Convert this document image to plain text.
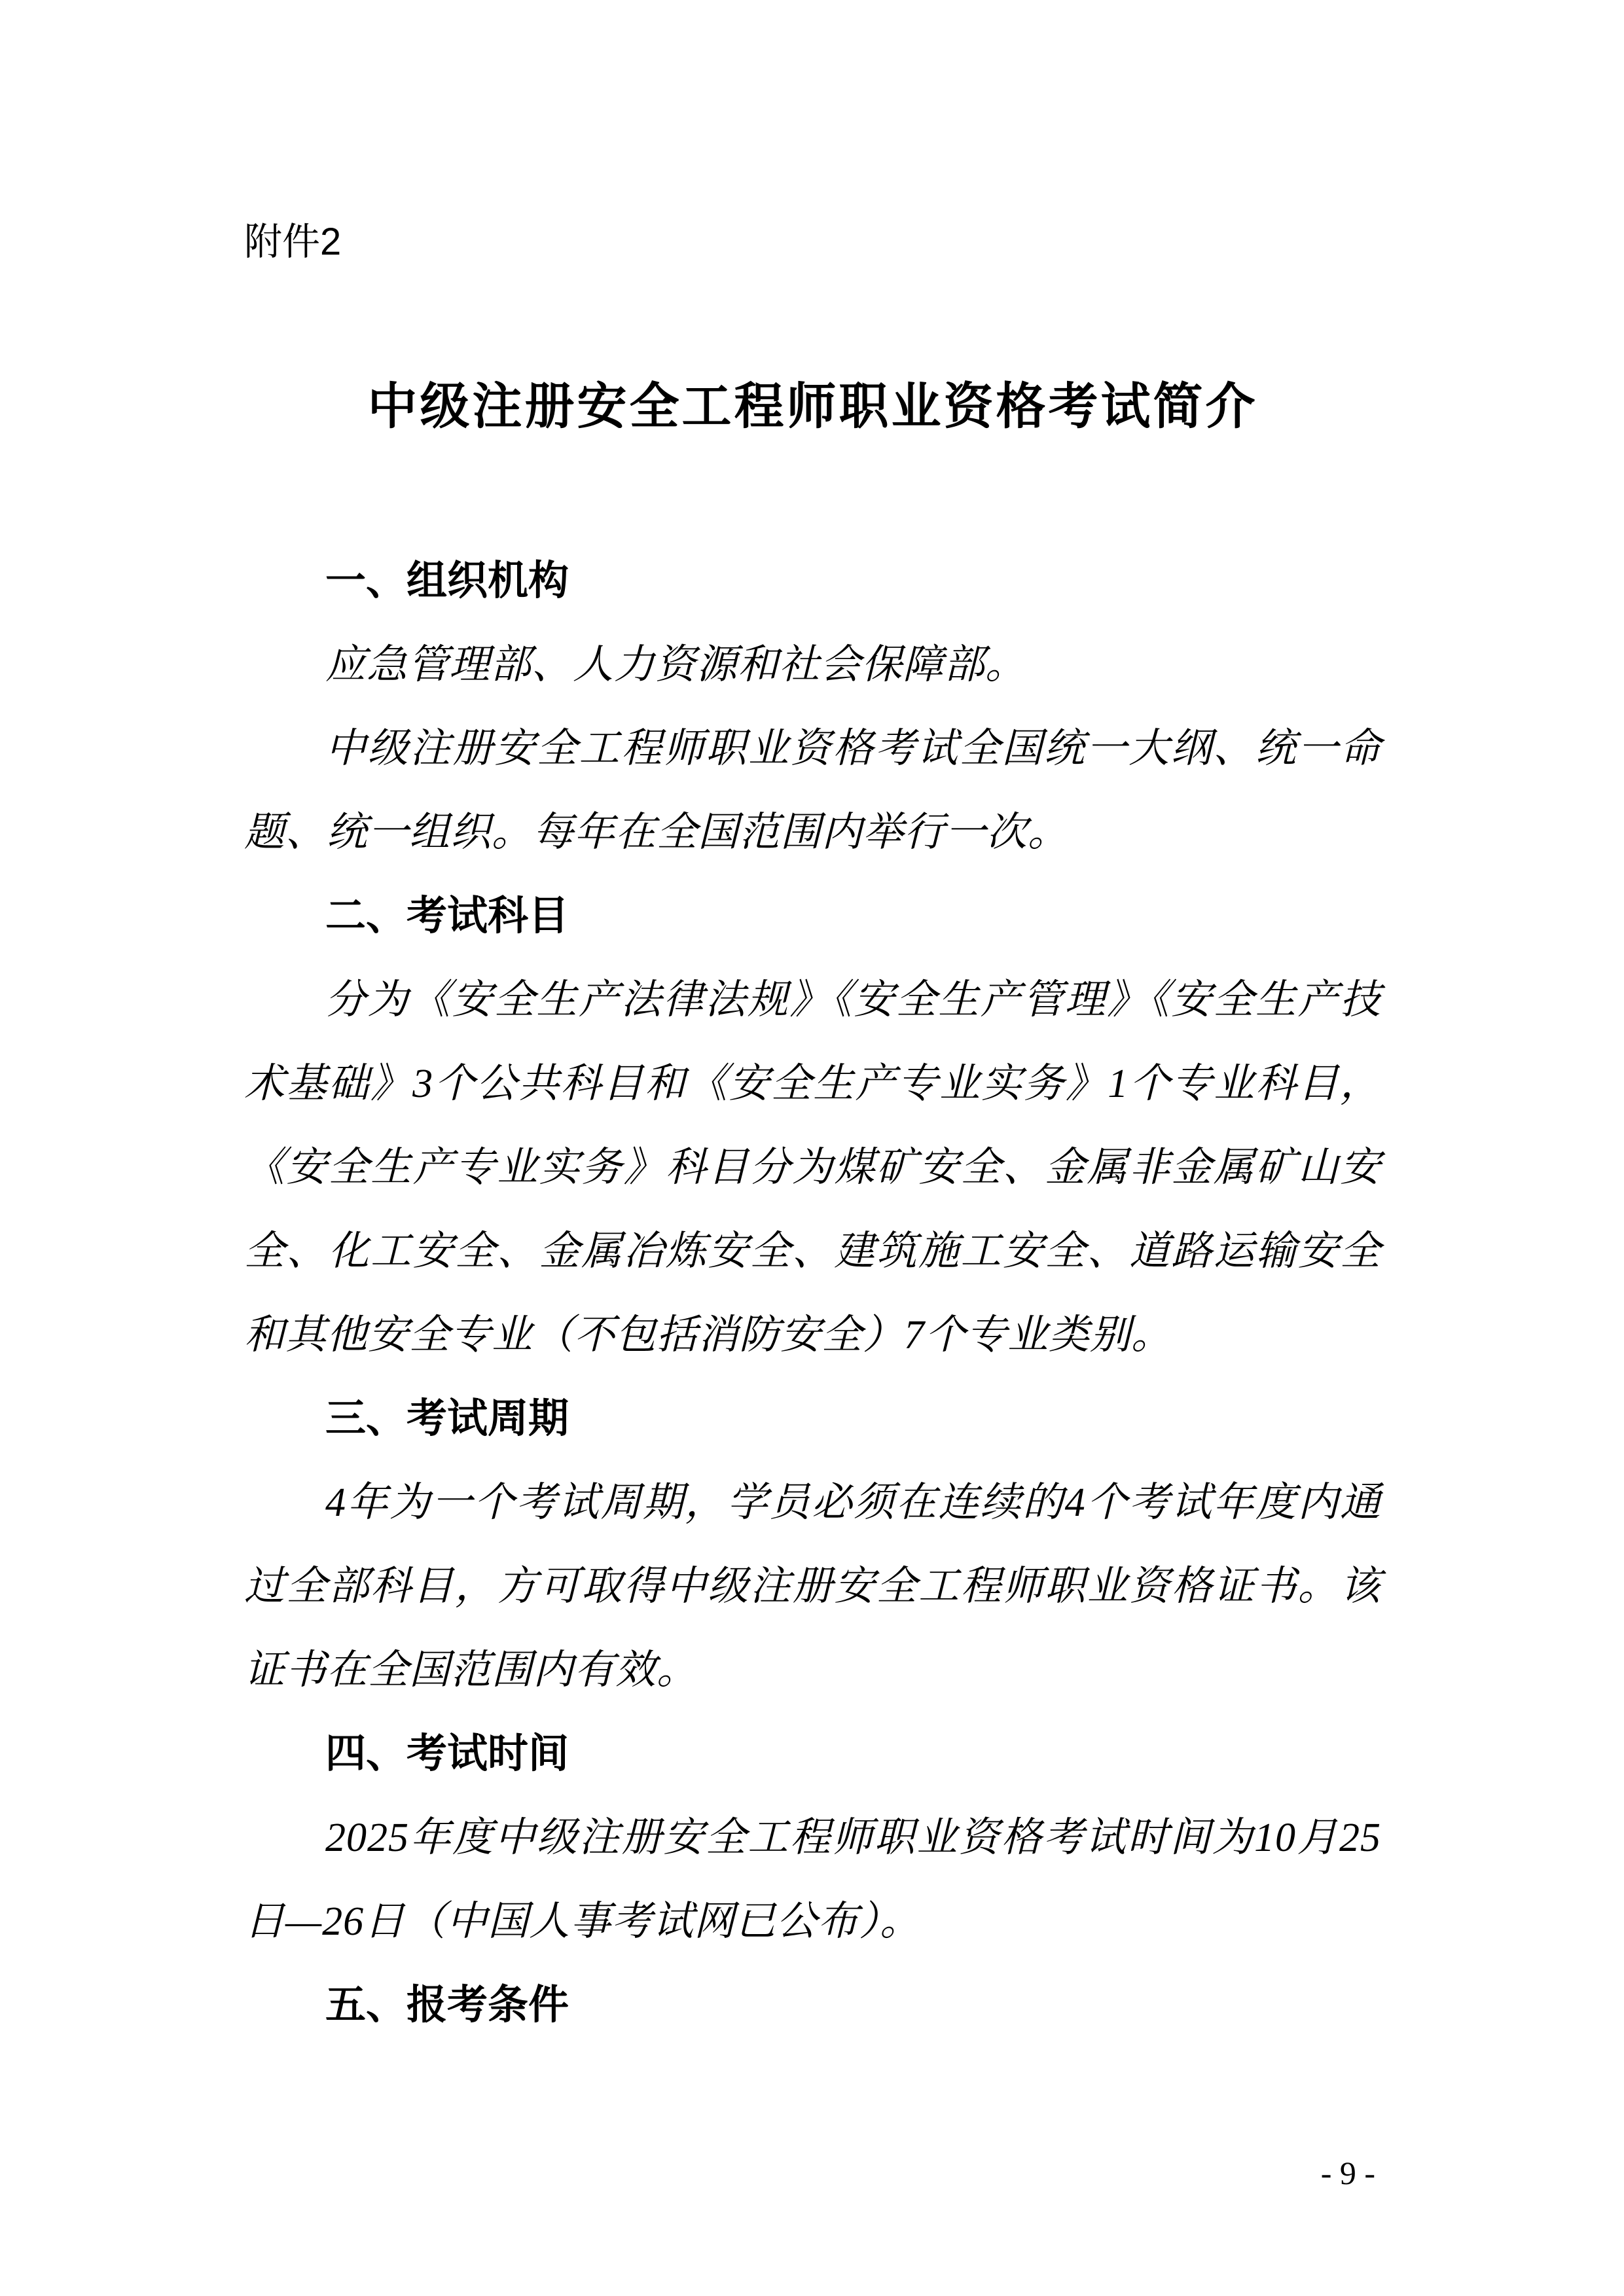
附件2
中级注册安全工程师职业资格考试简介
一、组织机构

应急管理部、人力资源和社会保障部。

中级注册安全工程师职业资格考试全国统一大纲、统一命题、统一组织。每年在全国范围内举行一次。

二、考试科目

分为《安全生产法律法规》《安全生产管理》《安全生产技术基础》3个公共科目和《安全生产专业实务》1个专业科目，《安全生产专业实务》科目分为煤矿安全、金属非金属矿山安全、化工安全、金属冶炼安全、建筑施工安全、道路运输安全和其他安全专业（不包括消防安全）7个专业类别。

三、考试周期

4年为一个考试周期，学员必须在连续的4个考试年度内通过全部科目，方可取得中级注册安全工程师职业资格证书。该证书在全国范围内有效。

四、考试时间

2025年度中级注册安全工程师职业资格考试时间为10月25日—26日（中国人事考试网已公布）。

五、报考条件
- 9 -
